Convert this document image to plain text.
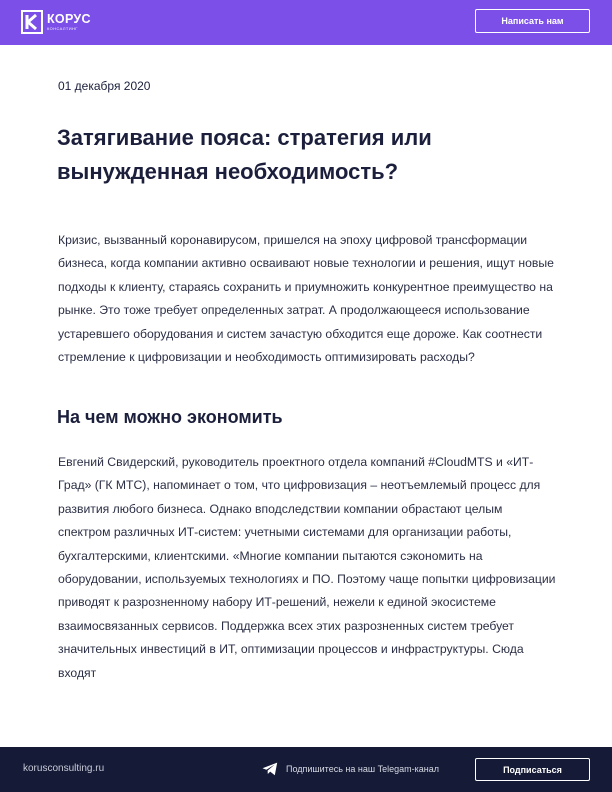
КОРУС
КОНСАЛТИНГ
Написать нам
01 декабря 2020
Затягивание пояса: стратегия или вынужденная необходимость?

Кризис, вызванный коронавирусом, пришелся на эпоху цифровой трансформации бизнеса, когда компании активно осваивают новые технологии и решения, ищут новые подходы к клиенту, стараясь сохранить и приумножить конкурентное преимущество на рынке. Это тоже требует определенных затрат. А продолжающееся использование устаревшего оборудования и систем зачастую обходится еще дороже. Как соотнести стремление к цифровизации и необходимость оптимизировать расходы?

На чем можно экономить

Евгений Свидерский, руководитель проектного отдела компаний #CloudMTS и «ИТ-Град» (ГК МТС), напоминает о том, что цифровизация – неотъемлемый процесс для развития любого бизнеса. Однако вподследствии компании обрастают целым спектром различных ИТ-систем: учетными системами для организации работы, бухгалтерскими, клиентскими. «Многие компании пытаются сэкономить на оборудовании, используемых технологиях и ПО. Поэтому чаще попытки цифровизации приводят к разрозненному набору ИТ-решений, нежели к единой экосистеме взаимосвязанных сервисов. Поддержка всех этих разрозненных систем требует значительных инвестиций в ИТ, оптимизации процессов и инфраструктуры. Сюда входят

korusconsulting.ru	Подпишитесь на наш Telegam-канал	Подписаться
